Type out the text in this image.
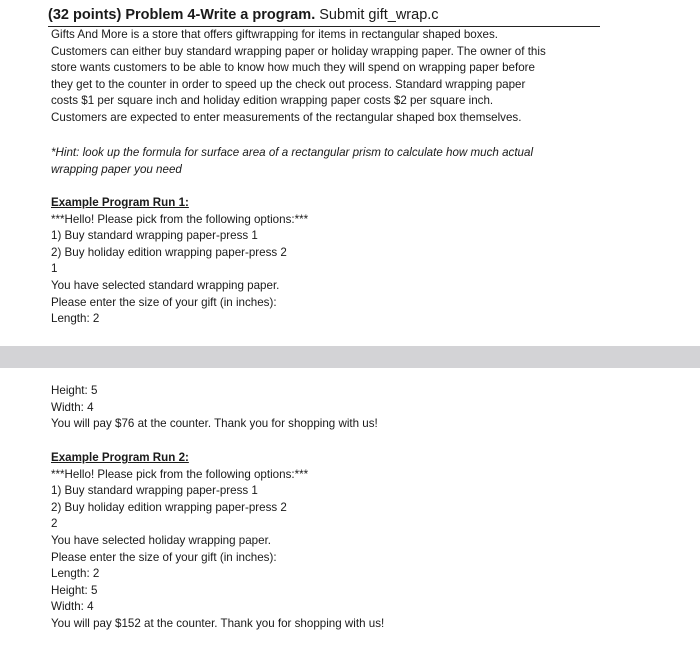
(32 points) Problem 4-Write a program. Submit gift_wrap.c
Gifts And More is a store that offers giftwrapping for items in rectangular shaped boxes.
Customers can either buy standard wrapping paper or holiday wrapping paper. The owner of this
store wants customers to be able to know how much they will spend on wrapping paper before
they get to the counter in order to speed up the check out process. Standard wrapping paper
costs $1 per square inch and holiday edition wrapping paper costs $2 per square inch.
Customers are expected to enter measurements of the rectangular shaped box themselves.
*Hint: look up the formula for surface area of a rectangular prism to calculate how much actual
wrapping paper you need
Example Program Run 1:
***Hello! Please pick from the following options:***
1) Buy standard wrapping paper-press 1
2) Buy holiday edition wrapping paper-press 2
1
You have selected standard wrapping paper.
Please enter the size of your gift (in inches):
Length: 2
Height: 5
Width: 4
You will pay $76 at the counter. Thank you for shopping with us!
Example Program Run 2:
***Hello! Please pick from the following options:***
1) Buy standard wrapping paper-press 1
2) Buy holiday edition wrapping paper-press 2
2
You have selected holiday wrapping paper.
Please enter the size of your gift (in inches):
Length: 2
Height: 5
Width: 4
You will pay $152 at the counter. Thank you for shopping with us!
